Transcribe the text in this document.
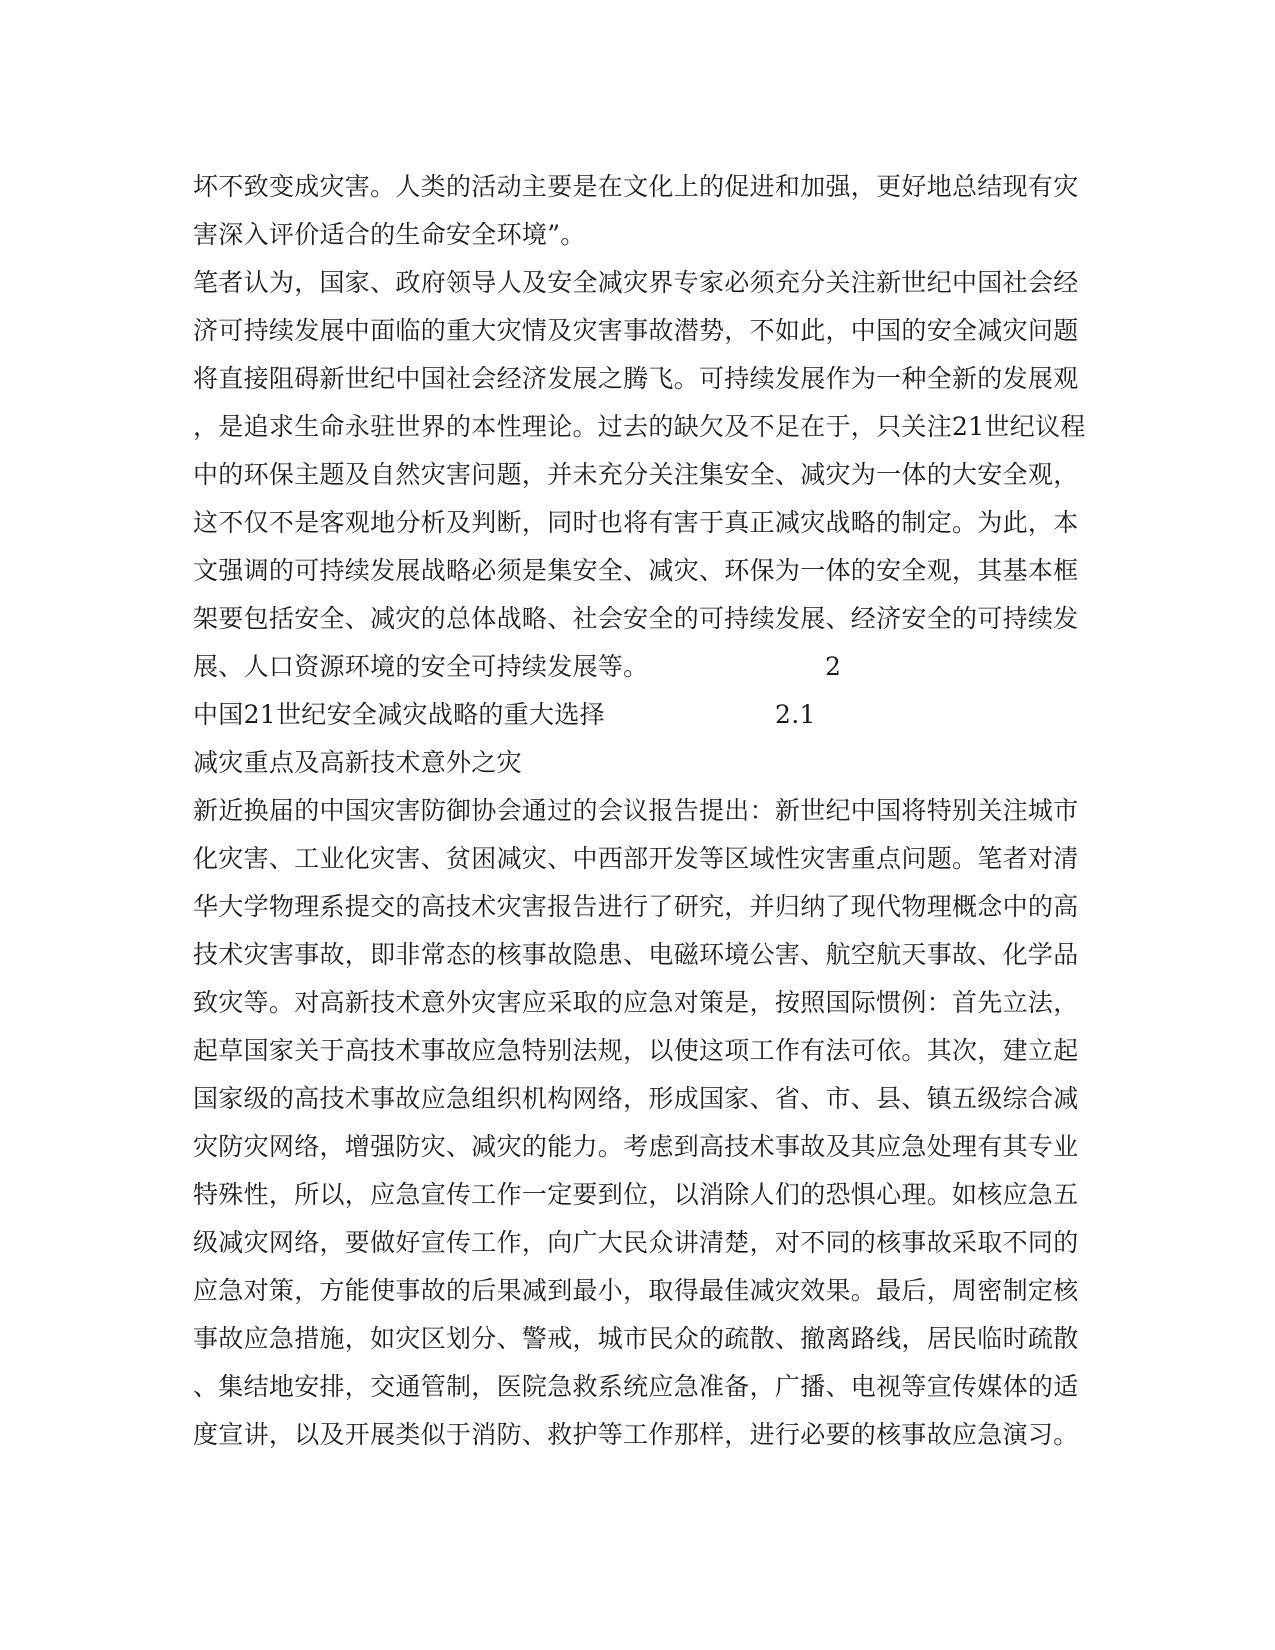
坏不致变成灾害。人类的活动主要是在文化上的促进和加强，更好地总结现有灾
害深入评价适合的生命安全环境”。
笔者认为，国家、政府领导人及安全减灾界专家必须充分关注新世纪中国社会经
济可持续发展中面临的重大灾情及灾害事故潜势，不如此，中国的安全减灾问题
将直接阻碍新世纪中国社会经济发展之腾飞。可持续发展作为一种全新的发展观
，是追求生命永驻世界的本性理论。过去的缺欠及不足在于，只关注21世纪议程
中的环保主题及自然灾害问题，并未充分关注集安全、减灾为一体的大安全观，
这不仅不是客观地分析及判断，同时也将有害于真正减灾战略的制定。为此，本
文强调的可持续发展战略必须是集安全、减灾、环保为一体的安全观，其基本框
架要包括安全、减灾的总体战略、社会安全的可持续发展、经济安全的可持续发
展、人口资源环境的安全可持续发展等。	2
中国21世纪安全减灾战略的重大选择	2.1
减灾重点及高新技术意外之灾
新近换届的中国灾害防御协会通过的会议报告提出：新世纪中国将特别关注城市
化灾害、工业化灾害、贫困减灾、中西部开发等区域性灾害重点问题。笔者对清
华大学物理系提交的高技术灾害报告进行了研究，并归纳了现代物理概念中的高
技术灾害事故，即非常态的核事故隐患、电磁环境公害、航空航天事故、化学品
致灾等。对高新技术意外灾害应采取的应急对策是，按照国际惯例：首先立法，
起草国家关于高技术事故应急特别法规，以使这项工作有法可依。其次，建立起
国家级的高技术事故应急组织机构网络，形成国家、省、市、县、镇五级综合减
灾防灾网络，增强防灾、减灾的能力。考虑到高技术事故及其应急处理有其专业
特殊性，所以，应急宣传工作一定要到位，以消除人们的恐惧心理。如核应急五
级减灾网络，要做好宣传工作，向广大民众讲清楚，对不同的核事故采取不同的
应急对策，方能使事故的后果减到最小，取得最佳减灾效果。最后，周密制定核
事故应急措施，如灾区划分、警戒，城市民众的疏散、撤离路线，居民临时疏散
、集结地安排，交通管制，医院急救系统应急准备，广播、电视等宣传媒体的适
度宣讲，以及开展类似于消防、救护等工作那样，进行必要的核事故应急演习。
